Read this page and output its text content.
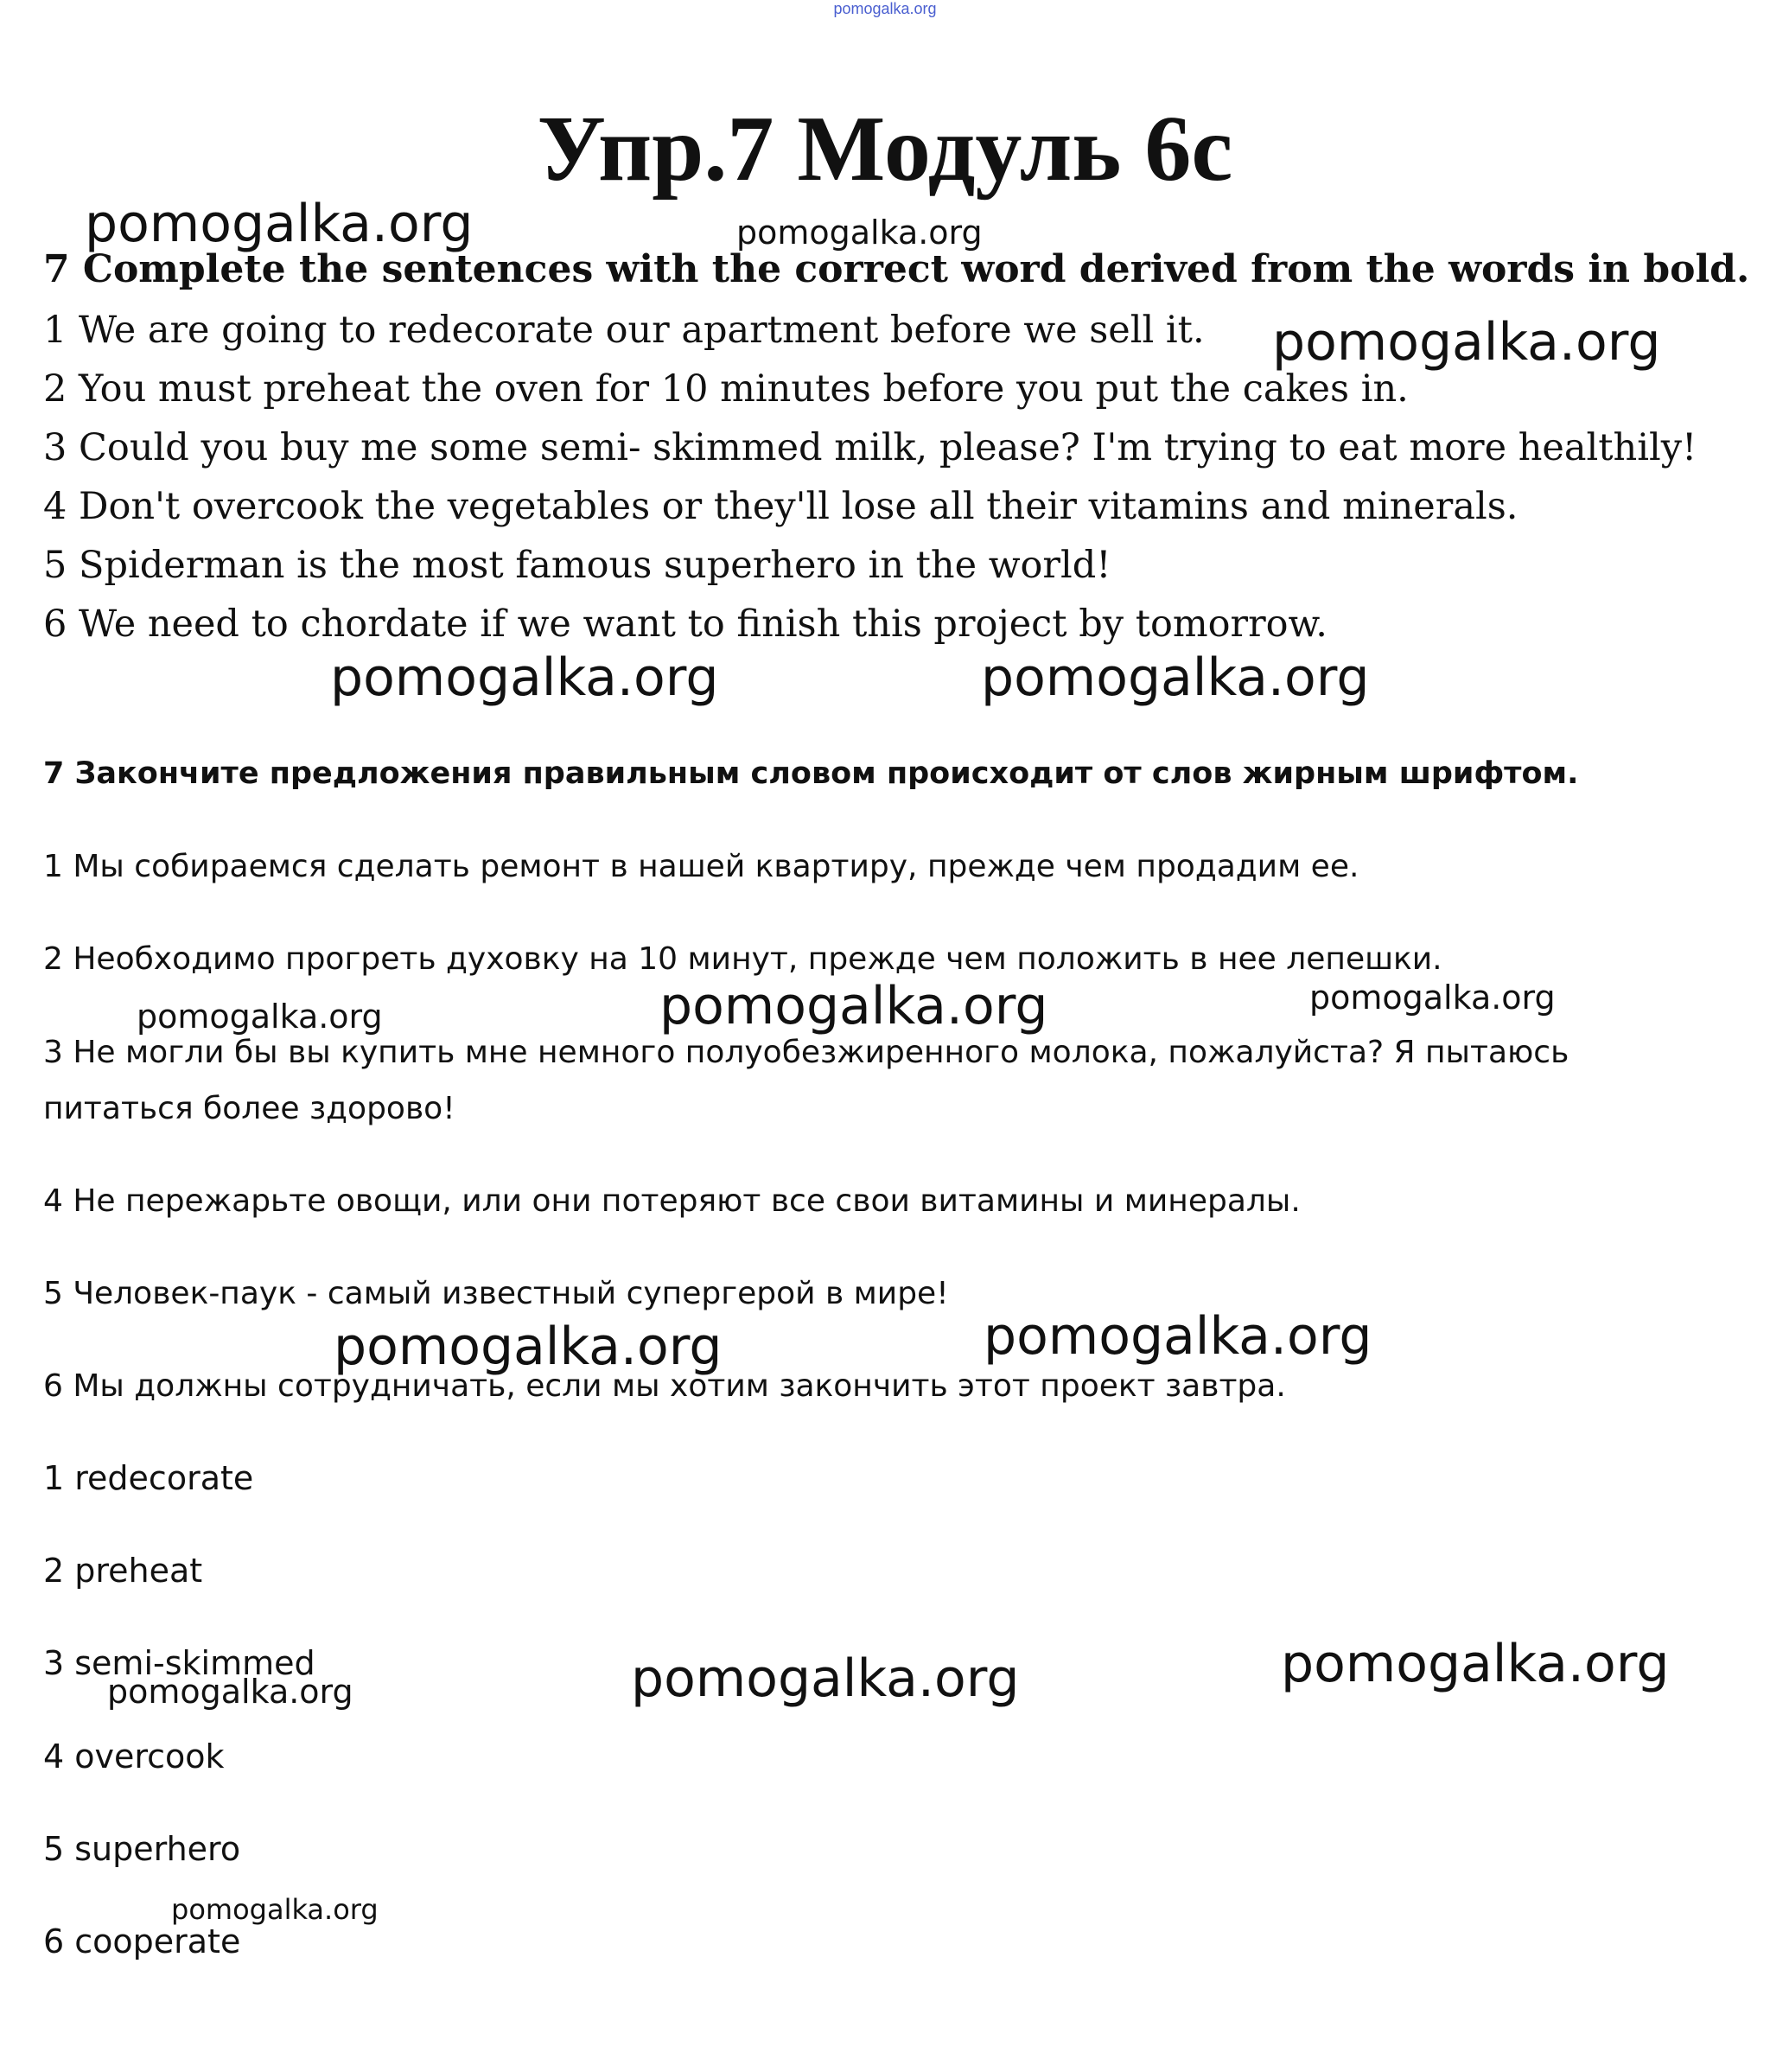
pomogalka.org
Упр.7 Модуль 6с
7 Complete the sentences with the correct word derived from the words in bold.
1 We are going to redecorate our apartment before we sell it.
2 You must preheat the oven for 10 minutes before you put the cakes in.
3 Could you buy me some semi- skimmed milk, please? I'm trying to eat more healthily!
4 Don't overcook the vegetables or they'll lose all their vitamins and minerals.
5 Spiderman is the most famous superhero in the world!
6 We need to chordate if we want to finish this project by tomorrow.
7 Закончите предложения правильным словом происходит от слов жирным шрифтом.
1 Мы собираемся сделать ремонт в нашей квартиру, прежде чем продадим ее.
2 Необходимо прогреть духовку на 10 минут, прежде чем положить в нее лепешки.
3 Не могли бы вы купить мне немного полуобезжиренного молока, пожалуйста? Я пытаюсь
питаться более здорово!
4 Не пережарьте овощи, или они потеряют все свои витамины и минералы.
5 Человек-паук - самый известный супергерой в мире!
6 Мы должны сотрудничать, если мы хотим закончить этот проект завтра.
1 redecorate
2 preheat
3 semi-skimmed
4 overcook
5 superhero
6 cooperate
pomogalka.org	pomogalka.org
pomogalka.org
pomogalka.org	pomogalka.org
pomogalka.org	pomogalka.org	pomogalka.org
pomogalka.org	pomogalka.org
pomogalka.org	pomogalka.org	pomogalka.org
pomogalka.org
